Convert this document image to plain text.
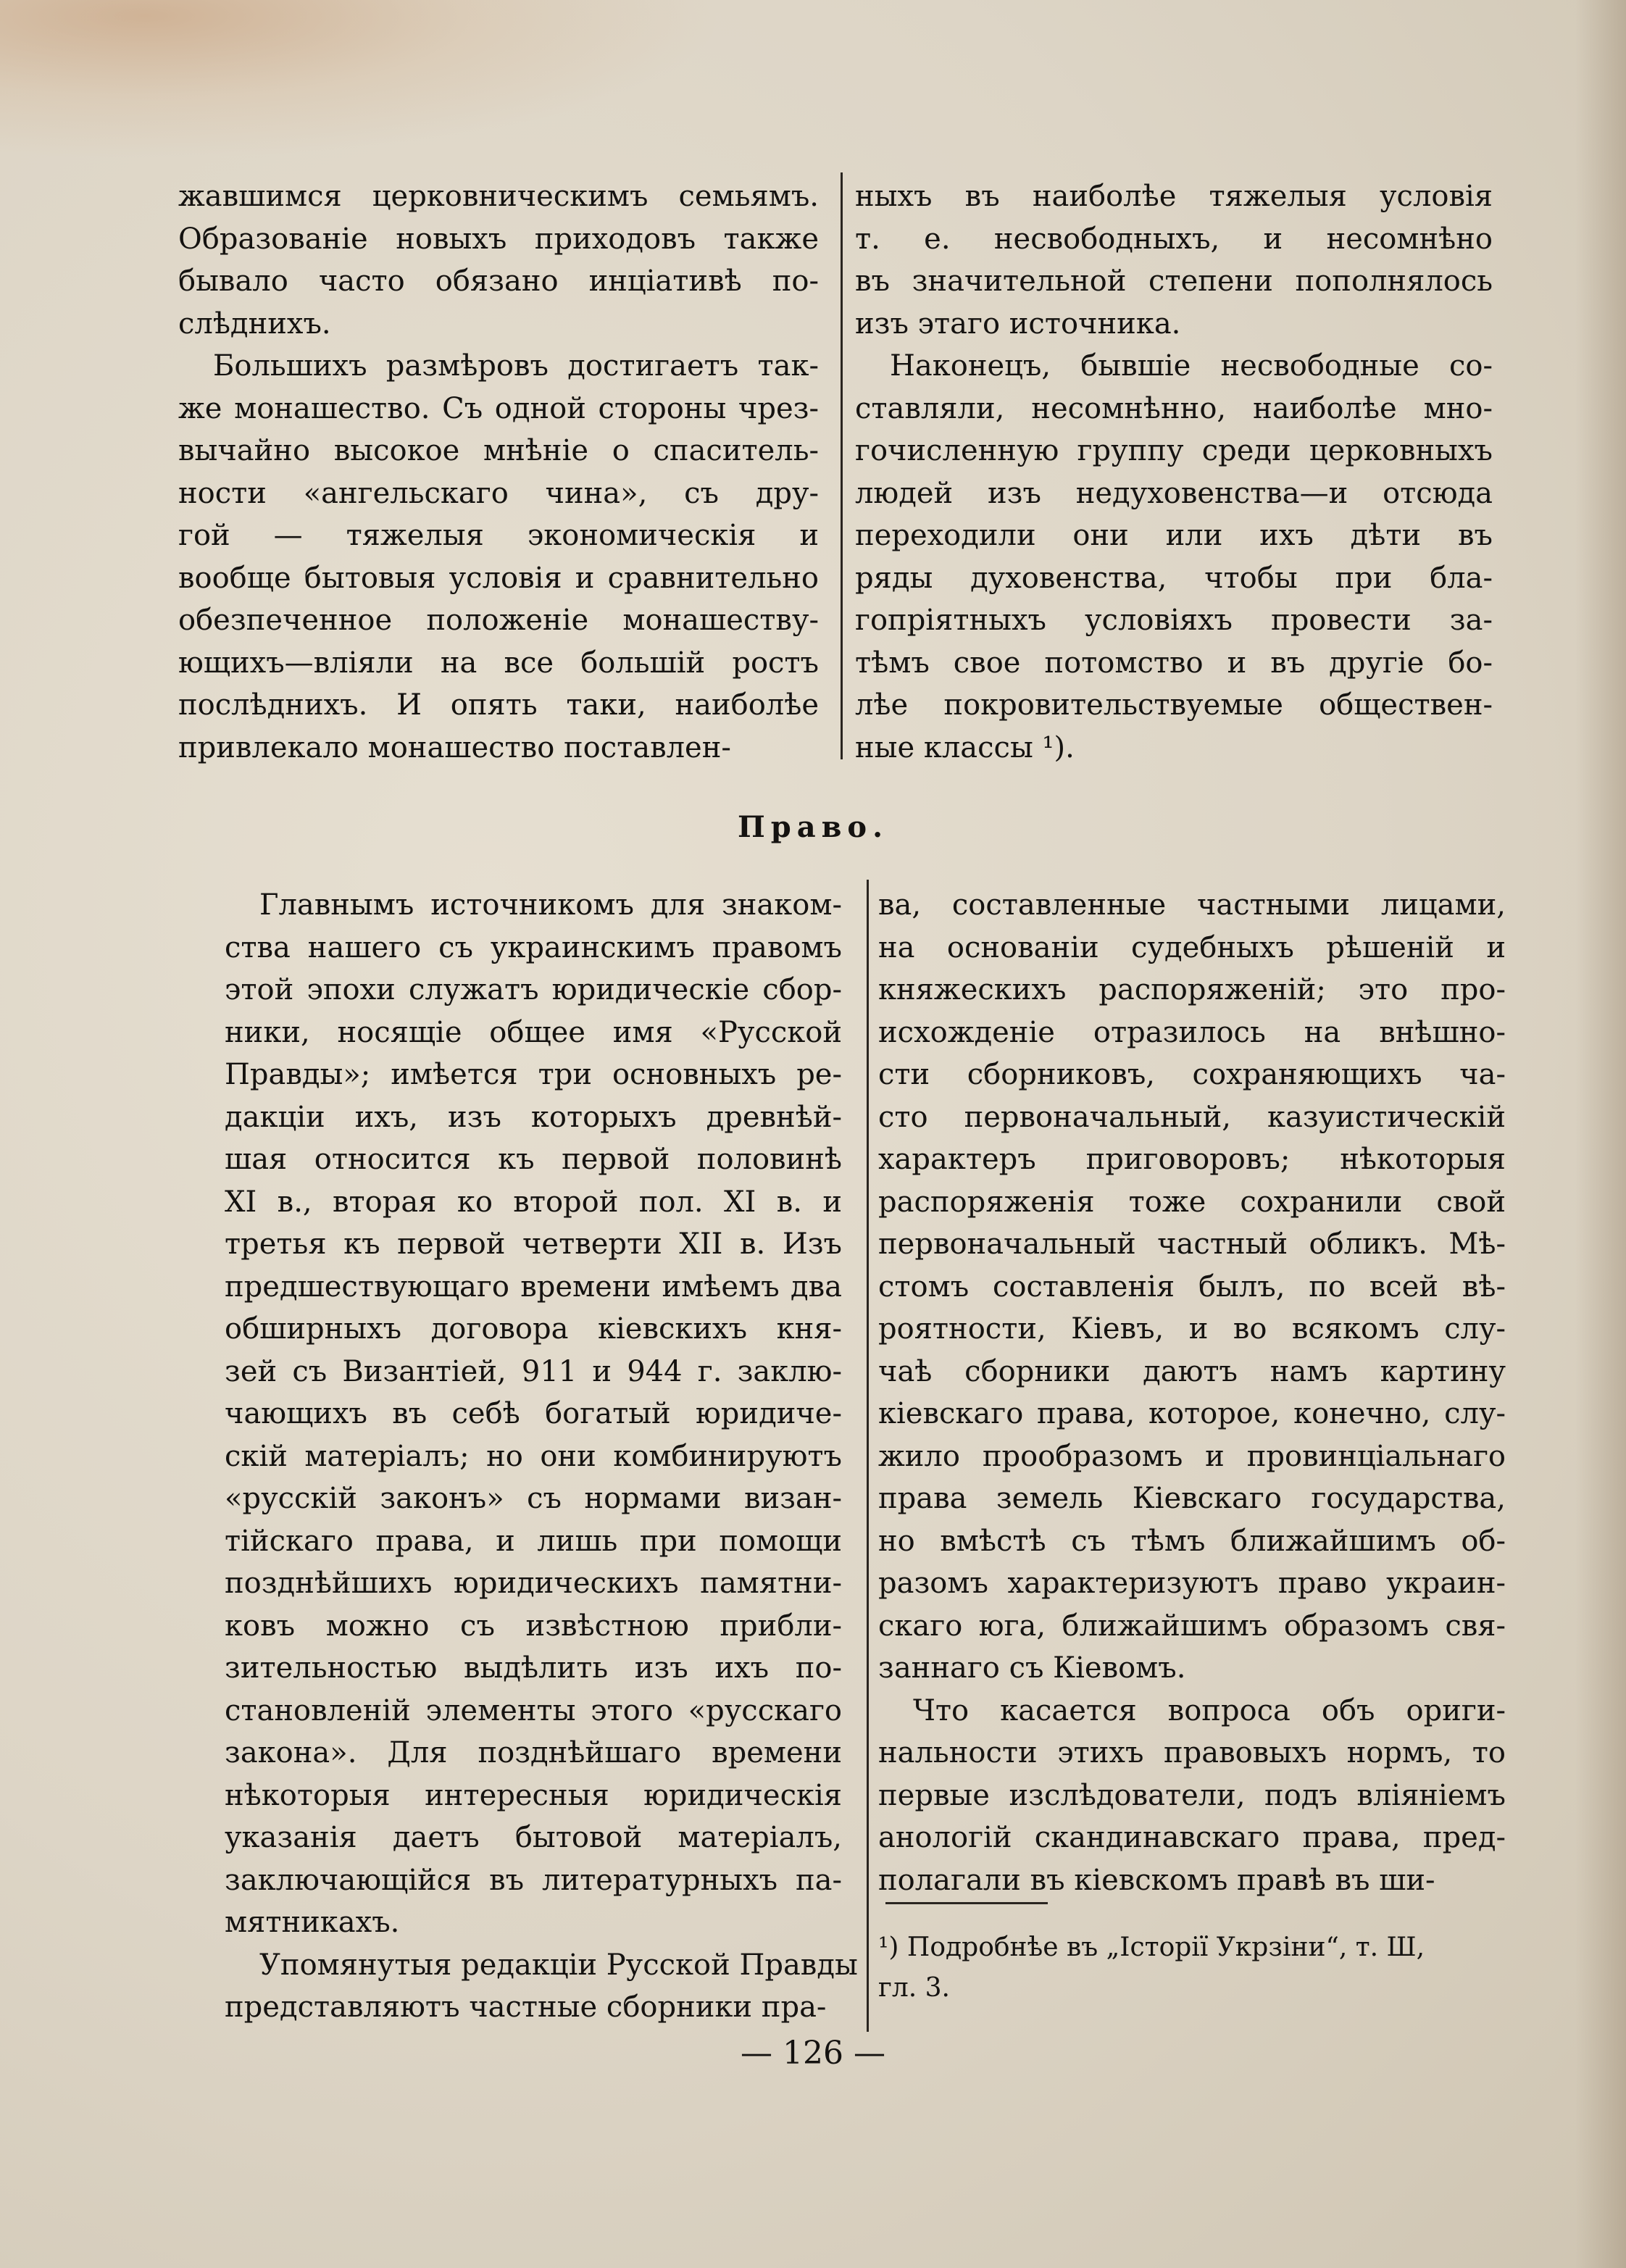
жавшимся церковническимъ семьямъ.
Образованіе новыхъ приходовъ также
бывало часто обязано инціативѣ по-
слѣднихъ.
Большихъ размѣровъ достигаетъ так-
же монашество. Съ одной стороны чрез-
вычайно высокое мнѣніе о спаситель-
ности «ангельскаго чина», съ дру-
гой — тяжелыя экономическія и
вообще бытовыя условія и сравнительно
обезпеченное положеніе монашеству-
ющихъ—вліяли на все большій ростъ
послѣднихъ. И опять таки, наиболѣе
привлекало монашество поставлен-
ныхъ въ наиболѣе тяжелыя условія
т. е. несвободныхъ, и несомнѣно
въ значительной степени пополнялось
изъ этаго источника.
Наконецъ, бывшіе несвободные со-
ставляли, несомнѣнно, наиболѣе мно-
гочисленную группу среди церковныхъ
людей изъ недуховенства—и отсюда
переходили они или ихъ дѣти въ
ряды духовенства, чтобы при бла-
гопріятныхъ условіяхъ провести за-
тѣмъ свое потомство и въ другіе бо-
лѣе покровительствуемые обществен-
ные классы ¹).
Право.
Главнымъ источникомъ для знаком-
ства нашего съ украинскимъ правомъ
этой эпохи служатъ юридическіе сбор-
ники, носящіе общее имя «Русской
Правды»; имѣется три основныхъ ре-
дакціи ихъ, изъ которыхъ древнѣй-
шая относится къ первой половинѣ
XI в., вторая ко второй пол. XI в. и
третья къ первой четверти XII в. Изъ
предшествующаго времени имѣемъ два
обширныхъ договора кіевскихъ кня-
зей съ Византіей, 911 и 944 г. заклю-
чающихъ въ себѣ богатый юридиче-
скій матеріалъ; но они комбинируютъ
«русскій законъ» съ нормами визан-
тійскаго права, и лишь при помощи
позднѣйшихъ юридическихъ памятни-
ковъ можно съ извѣстною прибли-
зительностью выдѣлить изъ ихъ по-
становленій элементы этого «русскаго
закона». Для позднѣйшаго времени
нѣкоторыя интересныя юридическія
указанія даетъ бытовой матеріалъ,
заключающійся въ литературныхъ па-
мятникахъ.
Упомянутыя редакціи Русской Правды
представляютъ частные сборники пра-
ва, составленные частными лицами,
на основаніи судебныхъ рѣшеній и
княжескихъ распоряженій; это про-
исхожденіе отразилось на внѣшно-
сти сборниковъ, сохраняющихъ ча-
сто первоначальный, казуистическій
характеръ приговоровъ; нѣкоторыя
распоряженія тоже сохранили свой
первоначальный частный обликъ. Мѣ-
стомъ составленія былъ, по всей вѣ-
роятности, Кіевъ, и во всякомъ слу-
чаѣ сборники даютъ намъ картину
кіевскаго права, которое, конечно, слу-
жило прообразомъ и провинціальнаго
права земель Кіевскаго государства,
но вмѣстѣ съ тѣмъ ближайшимъ об-
разомъ характеризуютъ право украин-
скаго юга, ближайшимъ образомъ свя-
заннаго съ Кіевомъ.
Что касается вопроса объ ориги-
нальности этихъ правовыхъ нормъ, то
первые изслѣдователи, подъ вліяніемъ
анологій скандинавскаго права, пред-
полагали въ кіевскомъ правѣ въ ши-
¹) Подробнѣе въ „Історії Укрзіни“, т. Ш,
гл. 3.
— 126 —
